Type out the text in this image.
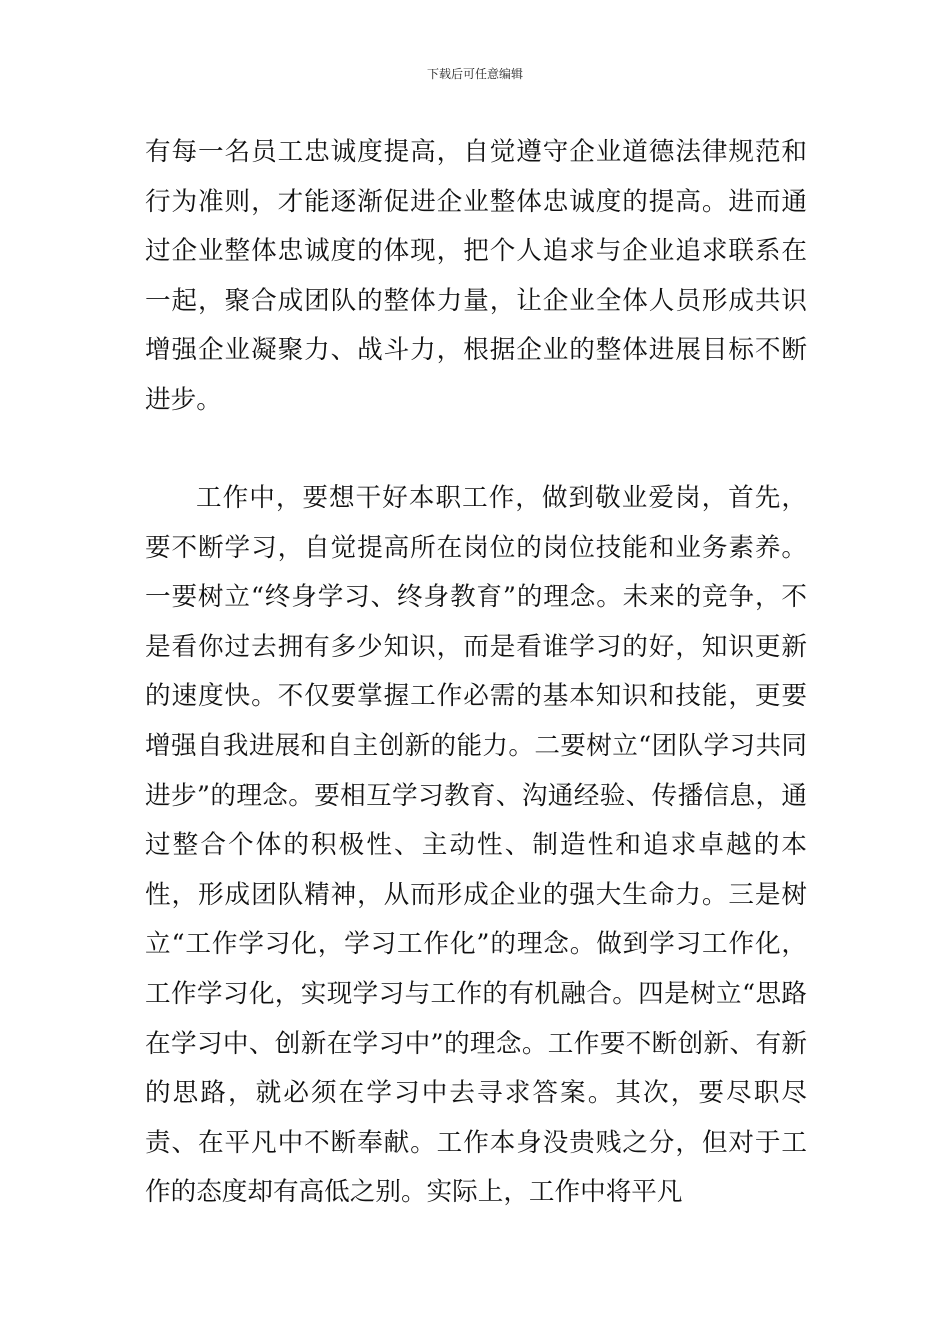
下载后可任意编辑

有每一名员工忠诚度提高，自觉遵守企业道德法律规范和行为准则，才能逐渐促进企业整体忠诚度的提高。进而通过企业整体忠诚度的体现，把个人追求与企业追求联系在一起，聚合成团队的整体力量，让企业全体人员形成共识增强企业凝聚力、战斗力，根据企业的整体进展目标不断进步。

工作中，要想干好本职工作，做到敬业爱岗，首先，要不断学习，自觉提高所在岗位的岗位技能和业务素养。一要树立“终身学习、终身教育”的理念。未来的竞争，不是看你过去拥有多少知识，而是看谁学习的好，知识更新的速度快。不仅要掌握工作必需的基本知识和技能，更要增强自我进展和自主创新的能力。二要树立“团队学习共同进步”的理念。要相互学习教育、沟通经验、传播信息，通过整合个体的积极性、主动性、制造性和追求卓越的本性，形成团队精神，从而形成企业的强大生命力。三是树立“工作学习化，学习工作化”的理念。做到学习工作化，工作学习化，实现学习与工作的有机融合。四是树立“思路在学习中、创新在学习中”的理念。工作要不断创新、有新的思路，就必须在学习中去寻求答案。其次，要尽职尽责、在平凡中不断奉献。工作本身没贵贱之分，但对于工作的态度却有高低之别。实际上，工作中将平凡
